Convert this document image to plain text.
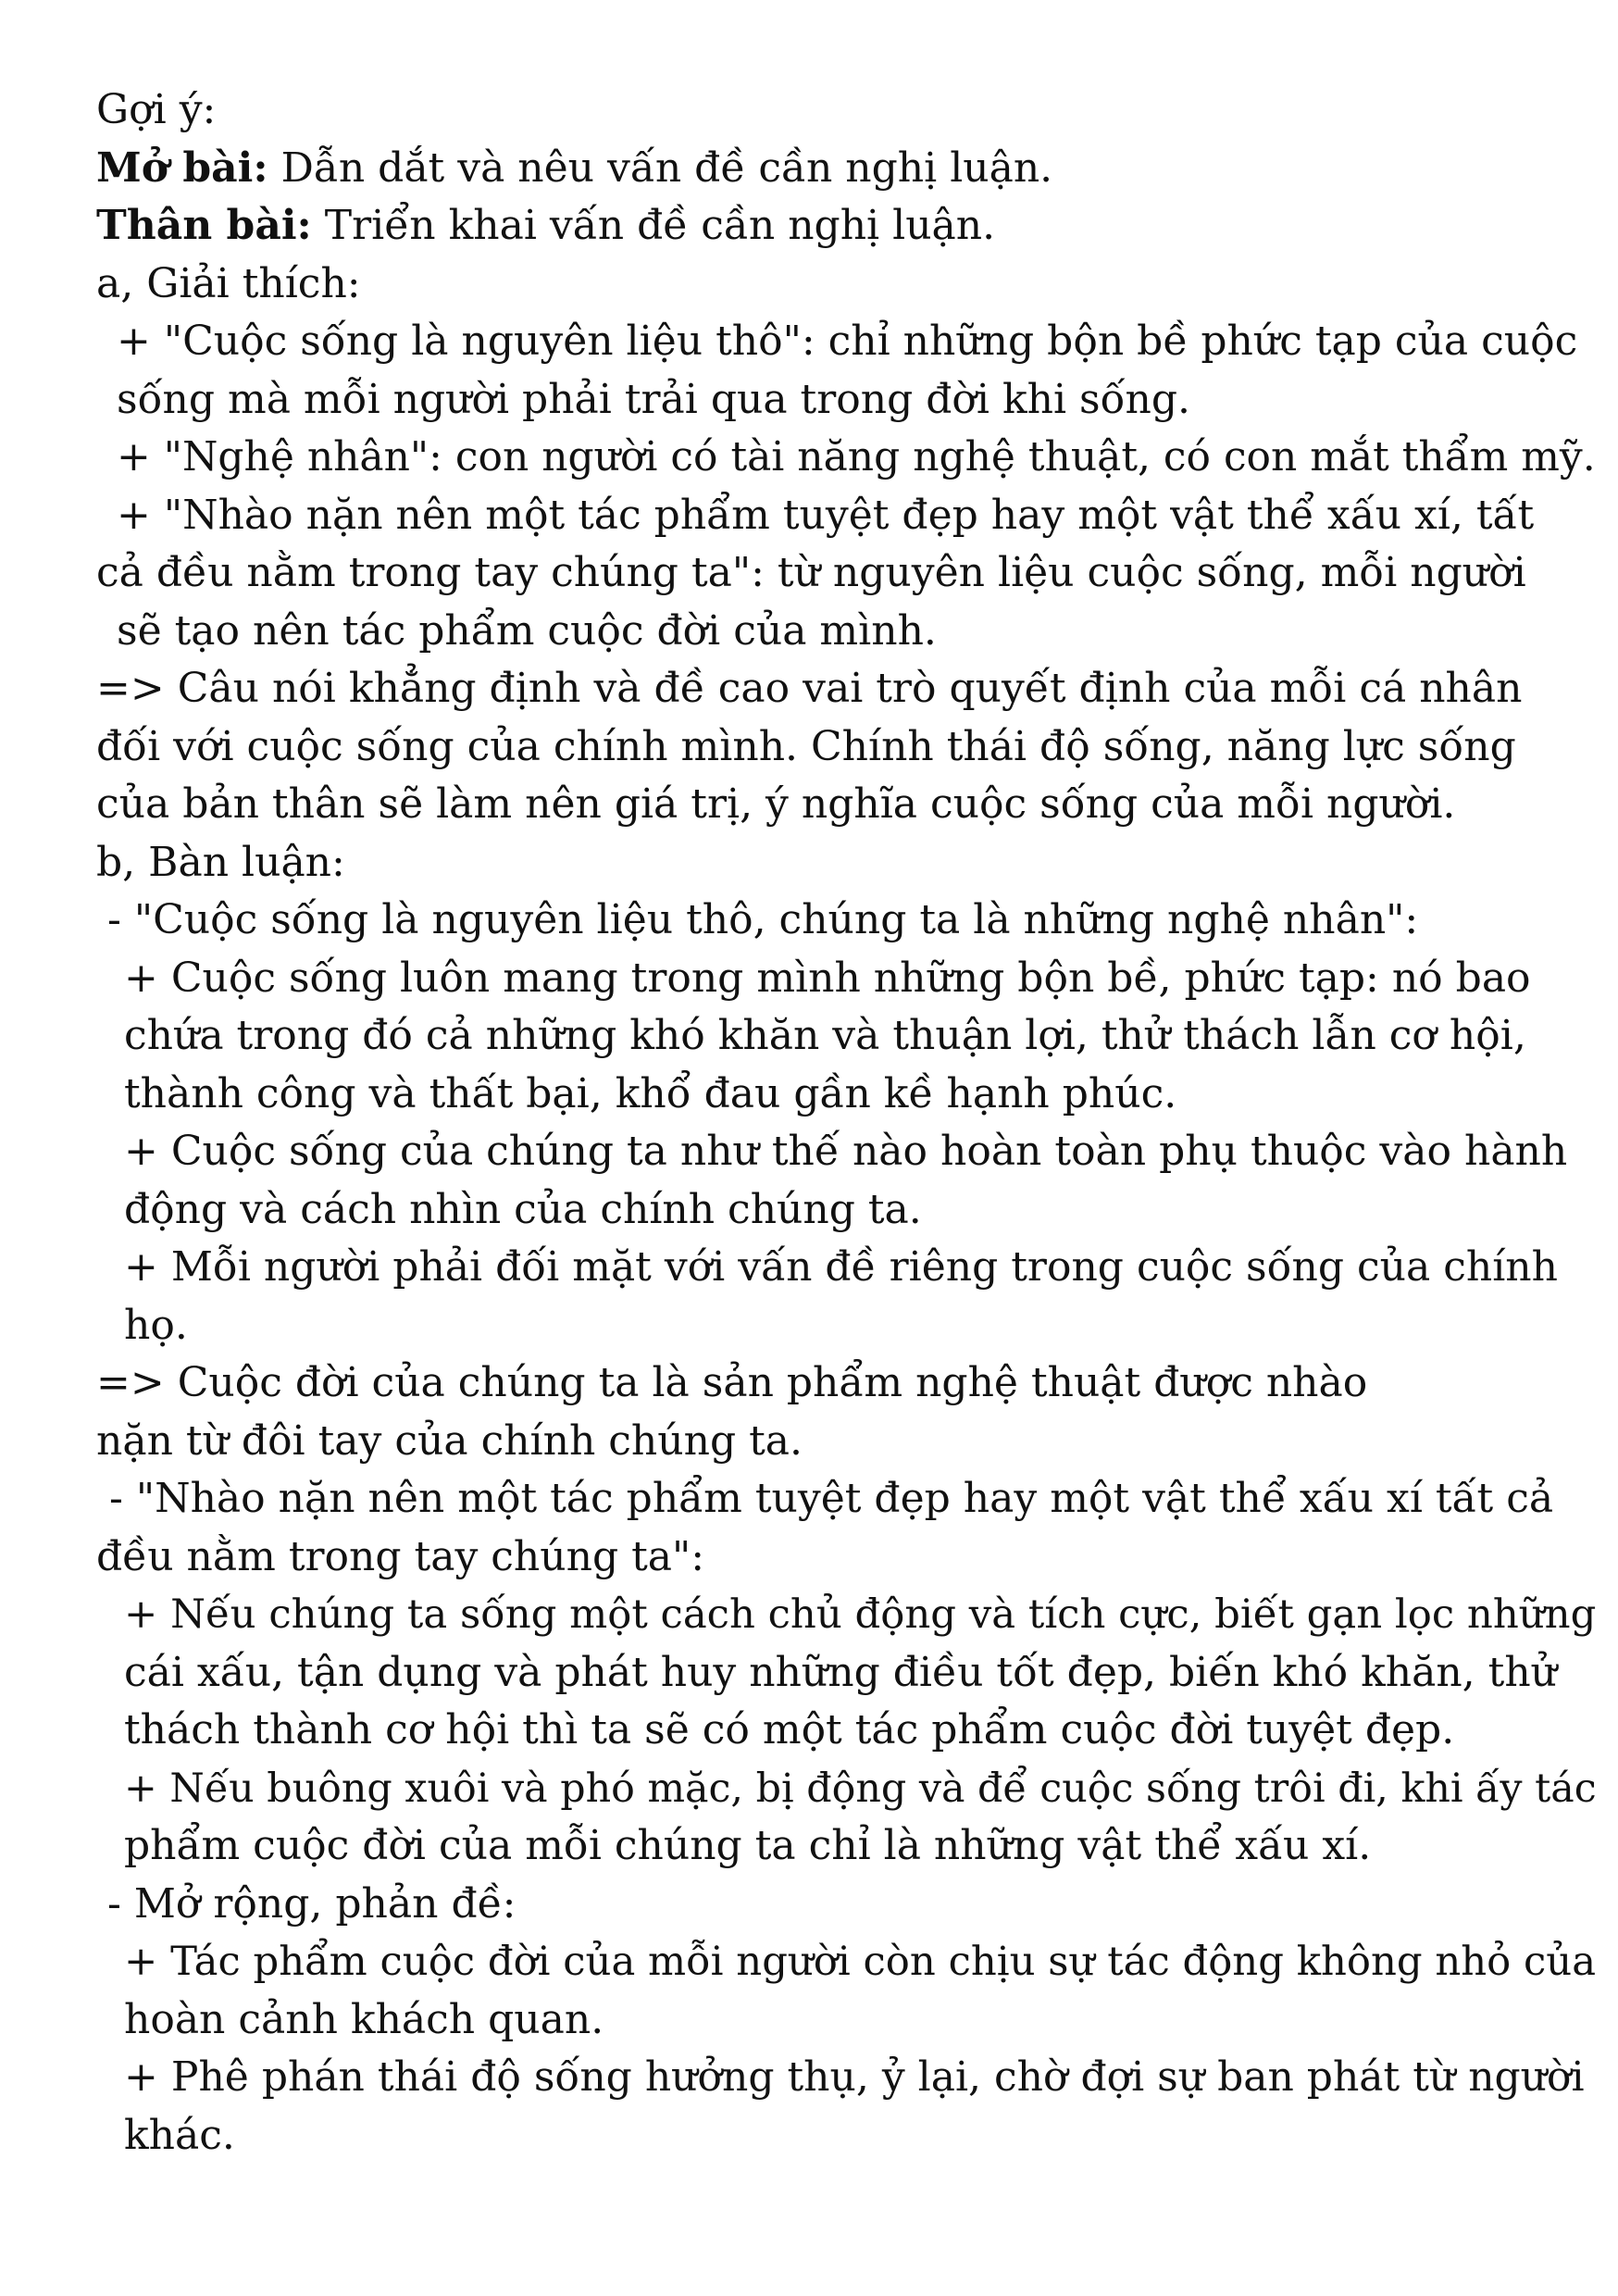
Gợi ý:
Mở bài: Dẫn dắt và nêu vấn đề cần nghị luận.
Thân bài: Triển khai vấn đề cần nghị luận.
a, Giải thích:
+ "Cuộc sống là nguyên liệu thô": chỉ những bộn bề phức tạp của cuộc
sống mà mỗi người phải trải qua trong đời khi sống.
+ "Nghệ nhân": con người có tài năng nghệ thuật, có con mắt thẩm mỹ.
+ "Nhào nặn nên một tác phẩm tuyệt đẹp hay một vật thể xấu xí, tất
cả đều nằm trong tay chúng ta": từ nguyên liệu cuộc sống, mỗi người
sẽ tạo nên tác phẩm cuộc đời của mình.
=> Câu nói khẳng định và đề cao vai trò quyết định của mỗi cá nhân
đối với cuộc sống của chính mình. Chính thái độ sống, năng lực sống
của bản thân sẽ làm nên giá trị, ý nghĩa cuộc sống của mỗi người.
b, Bàn luận:
- "Cuộc sống là nguyên liệu thô, chúng ta là những nghệ nhân":
+ Cuộc sống luôn mang trong mình những bộn bề, phức tạp: nó bao
chứa trong đó cả những khó khăn và thuận lợi, thử thách lẫn cơ hội,
thành công và thất bại, khổ đau gần kề hạnh phúc.
+ Cuộc sống của chúng ta như thế nào hoàn toàn phụ thuộc vào hành
động và cách nhìn của chính chúng ta.
+ Mỗi người phải đối mặt với vấn đề riêng trong cuộc sống của chính
họ.
=> Cuộc đời của chúng ta là sản phẩm nghệ thuật được nhào
nặn từ đôi tay của chính chúng ta.
- "Nhào nặn nên một tác phẩm tuyệt đẹp hay một vật thể xấu xí tất cả
đều nằm trong tay chúng ta":
+ Nếu chúng ta sống một cách chủ động và tích cực, biết gạn lọc những
cái xấu, tận dụng và phát huy những điều tốt đẹp, biến khó khăn, thử
thách thành cơ hội thì ta sẽ có một tác phẩm cuộc đời tuyệt đẹp.
+ Nếu buông xuôi và phó mặc, bị động và để cuộc sống trôi đi, khi ấy tác
phẩm cuộc đời của mỗi chúng ta chỉ là những vật thể xấu xí.
- Mở rộng, phản đề:
+ Tác phẩm cuộc đời của mỗi người còn chịu sự tác động không nhỏ của
hoàn cảnh khách quan.
+ Phê phán thái độ sống hưởng thụ, ỷ lại, chờ đợi sự ban phát từ người
khác.
